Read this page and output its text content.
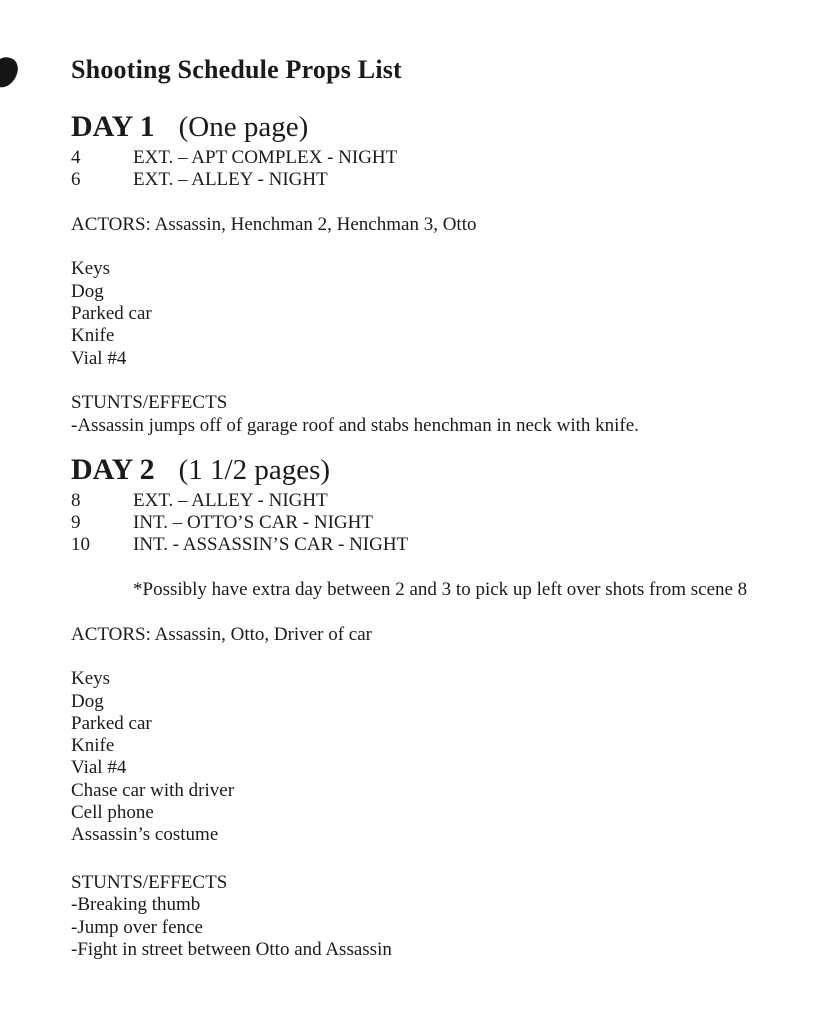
Shooting Schedule Props List
DAY 1 (One page)
4	EXT. – APT COMPLEX - NIGHT
6	EXT. – ALLEY - NIGHT
ACTORS: Assassin, Henchman 2, Henchman 3, Otto
Keys
Dog
Parked car
Knife
Vial #4
STUNTS/EFFECTS
-Assassin jumps off of garage roof and stabs henchman in neck with knife.
DAY 2 (1 1/2 pages)
8	EXT. – ALLEY - NIGHT
9	INT. – OTTO’S CAR - NIGHT
10 INT. - ASSASSIN’S CAR - NIGHT
*Possibly have extra day between 2 and 3 to pick up left over shots from scene 8
ACTORS: Assassin, Otto, Driver of car
Keys
Dog
Parked car
Knife
Vial #4
Chase car with driver
Cell phone
Assassin’s costume
STUNTS/EFFECTS
-Breaking thumb
-Jump over fence
-Fight in street between Otto and Assassin
